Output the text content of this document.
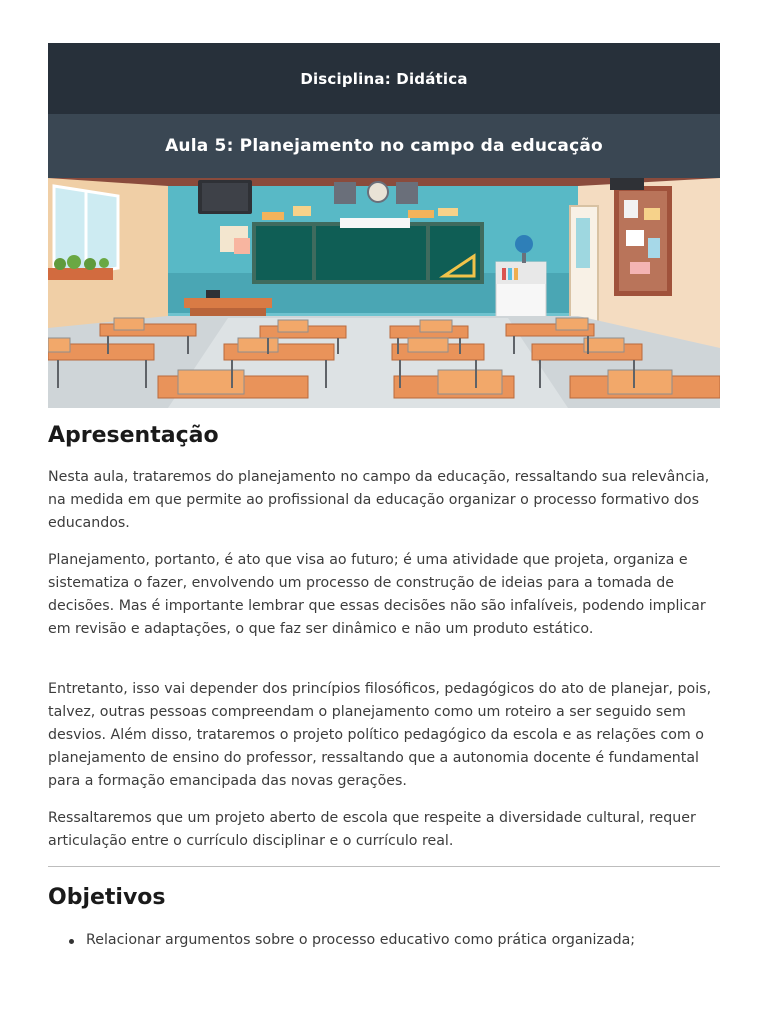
Disciplina: Didática
Aula 5: Planejamento no campo da educação
Apresentação

Nesta aula, trataremos do planejamento no campo da educação, ressaltando sua relevância, na medida em que permite ao profissional da educação organizar o processo formativo dos educandos.

Planejamento, portanto, é ato que visa ao futuro; é uma atividade que projeta, organiza e sistematiza o fazer, envolvendo um processo de construção de ideias para a tomada de decisões. Mas é importante lembrar que essas decisões não são infalíveis, podendo implicar em revisão e adaptações, o que faz ser dinâmico e não um produto estático.

Entretanto, isso vai depender dos princípios filosóficos, pedagógicos do ato de planejar, pois, talvez, outras pessoas compreendam o planejamento como um roteiro a ser seguido sem desvios. Além disso, trataremos o projeto político pedagógico da escola e as relações com o planejamento de ensino do professor, ressaltando que a autonomia docente é fundamental para a formação emancipada das novas gerações.

Ressaltaremos que um projeto aberto de escola que respeite a diversidade cultural, requer articulação entre o currículo disciplinar e o currículo real.

Objetivos
Relacionar argumentos sobre o processo educativo como prática organizada;
